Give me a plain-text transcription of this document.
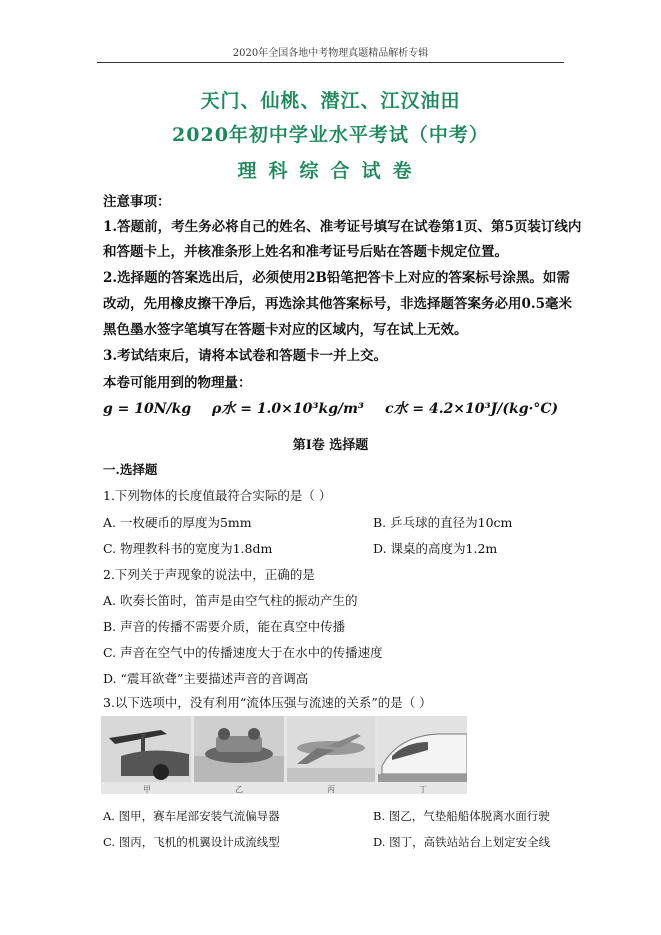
2020年全国各地中考物理真题精品解析专辑
天门、仙桃、潜江、江汉油田
2020年初中学业水平考试（中考）
理科综合试卷
注意事项：
1.答题前，考生务必将自己的姓名、准考证号填写在试卷第1页、第5页装订线内
和答题卡上，并核准条形上姓名和准考证号后贴在答题卡规定位置。
2.选择题的答案选出后，必须使用2B铅笔把答卡上对应的答案标号涂黑。如需
改动，先用橡皮擦干净后，再选涂其他答案标号，非选择题答案务必用0.5毫米
黑色墨水签字笔填写在答题卡对应的区域内，写在试上无效。
3.考试结束后，请将本试卷和答题卡一并上交。
本卷可能用到的物理量：
g = 10N/kg ρ水 = 1.0×10³kg/m³ c水 = 4.2×10³J/(kg·°C)
第Ⅰ卷 选择题
一.选择题
1.下列物体的长度值最符合实际的是（ ）
A. 一枚硬币的厚度为5mm	B. 乒乓球的直径为10cm
C. 物理教科书的宽度为1.8dm	D. 课桌的高度为1.2m
2.下列关于声现象的说法中，正确的是
A. 吹奏长笛时，笛声是由空气柱的振动产生的
B. 声音的传播不需要介质，能在真空中传播
C. 声音在空气中的传播速度大于在水中的传播速度
D. “震耳欲聋”主要描述声音的音调高
3.以下选项中，没有利用“流体压强与流速的关系”的是（ ）
甲	乙	丙	丁
A. 图甲，赛车尾部安装气流偏导器	B. 图乙，气垫船船体脱离水面行驶
C. 图丙，飞机的机翼设计成流线型	D. 图丁，高铁站站台上划定安全线
